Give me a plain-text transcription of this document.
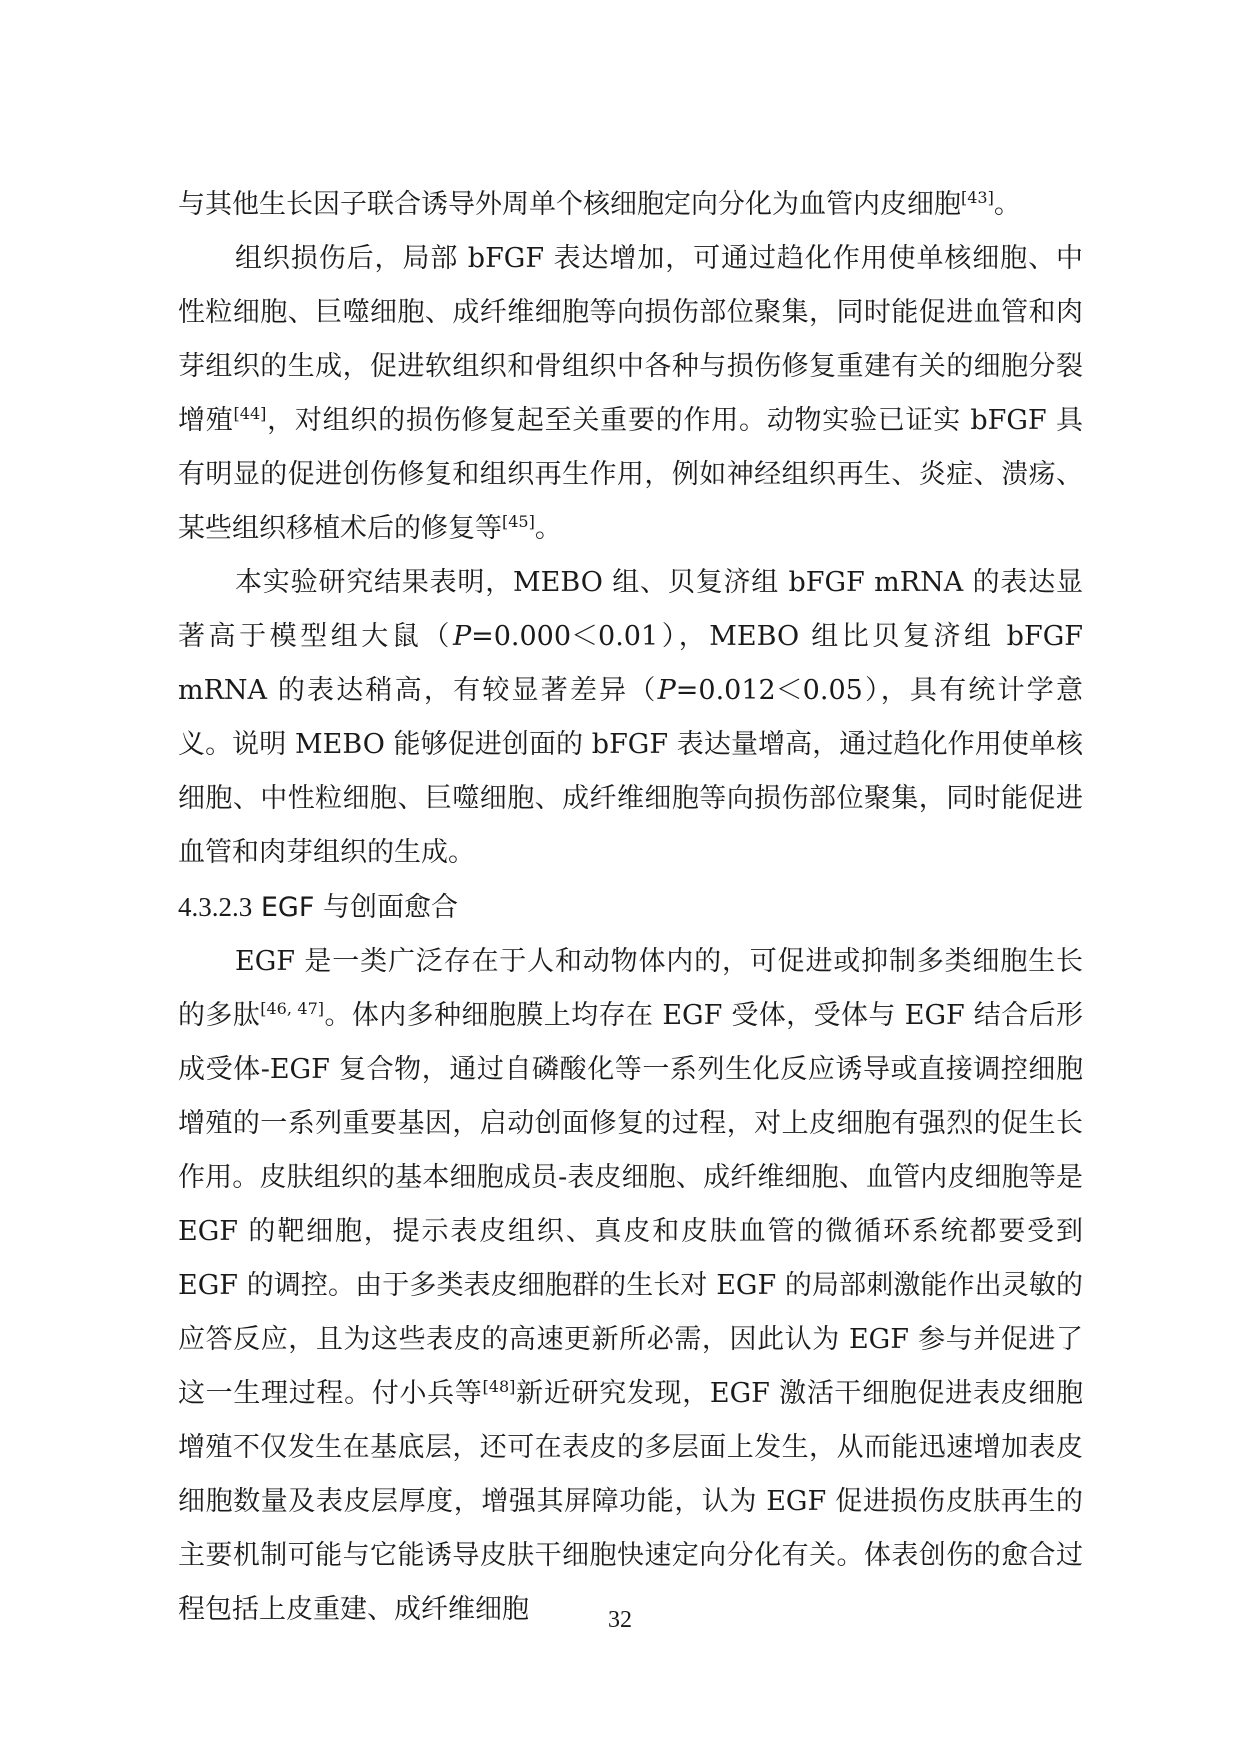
与其他生长因子联合诱导外周单个核细胞定向分化为血管内皮细胞[43]。

组织损伤后，局部 bFGF 表达增加，可通过趋化作用使单核细胞、中性粒细胞、巨噬细胞、成纤维细胞等向损伤部位聚集，同时能促进血管和肉芽组织的生成，促进软组织和骨组织中各种与损伤修复重建有关的细胞分裂增殖[44]，对组织的损伤修复起至关重要的作用。动物实验已证实 bFGF 具有明显的促进创伤修复和组织再生作用，例如神经组织再生、炎症、溃疡、某些组织移植术后的修复等[45]。

本实验研究结果表明，MEBO 组、贝复济组 bFGF mRNA 的表达显著高于模型组大鼠（P=0.000＜0.01），MEBO 组比贝复济组 bFGF mRNA 的表达稍高，有较显著差异（P=0.012＜0.05），具有统计学意义。说明 MEBO 能够促进创面的 bFGF 表达量增高，通过趋化作用使单核细胞、中性粒细胞、巨噬细胞、成纤维细胞等向损伤部位聚集，同时能促进血管和肉芽组织的生成。

4.3.2.3 EGF 与创面愈合

EGF 是一类广泛存在于人和动物体内的，可促进或抑制多类细胞生长的多肽[46, 47]。体内多种细胞膜上均存在 EGF 受体，受体与 EGF 结合后形成受体-EGF 复合物，通过自磷酸化等一系列生化反应诱导或直接调控细胞增殖的一系列重要基因，启动创面修复的过程，对上皮细胞有强烈的促生长作用。皮肤组织的基本细胞成员-表皮细胞、成纤维细胞、血管内皮细胞等是 EGF 的靶细胞，提示表皮组织、真皮和皮肤血管的微循环系统都要受到 EGF 的调控。由于多类表皮细胞群的生长对 EGF 的局部刺激能作出灵敏的应答反应，且为这些表皮的高速更新所必需，因此认为 EGF 参与并促进了这一生理过程。付小兵等[48]新近研究发现，EGF 激活干细胞促进表皮细胞增殖不仅发生在基底层，还可在表皮的多层面上发生，从而能迅速增加表皮细胞数量及表皮层厚度，增强其屏障功能，认为 EGF 促进损伤皮肤再生的主要机制可能与它能诱导皮肤干细胞快速定向分化有关。体表创伤的愈合过程包括上皮重建、成纤维细胞	32
